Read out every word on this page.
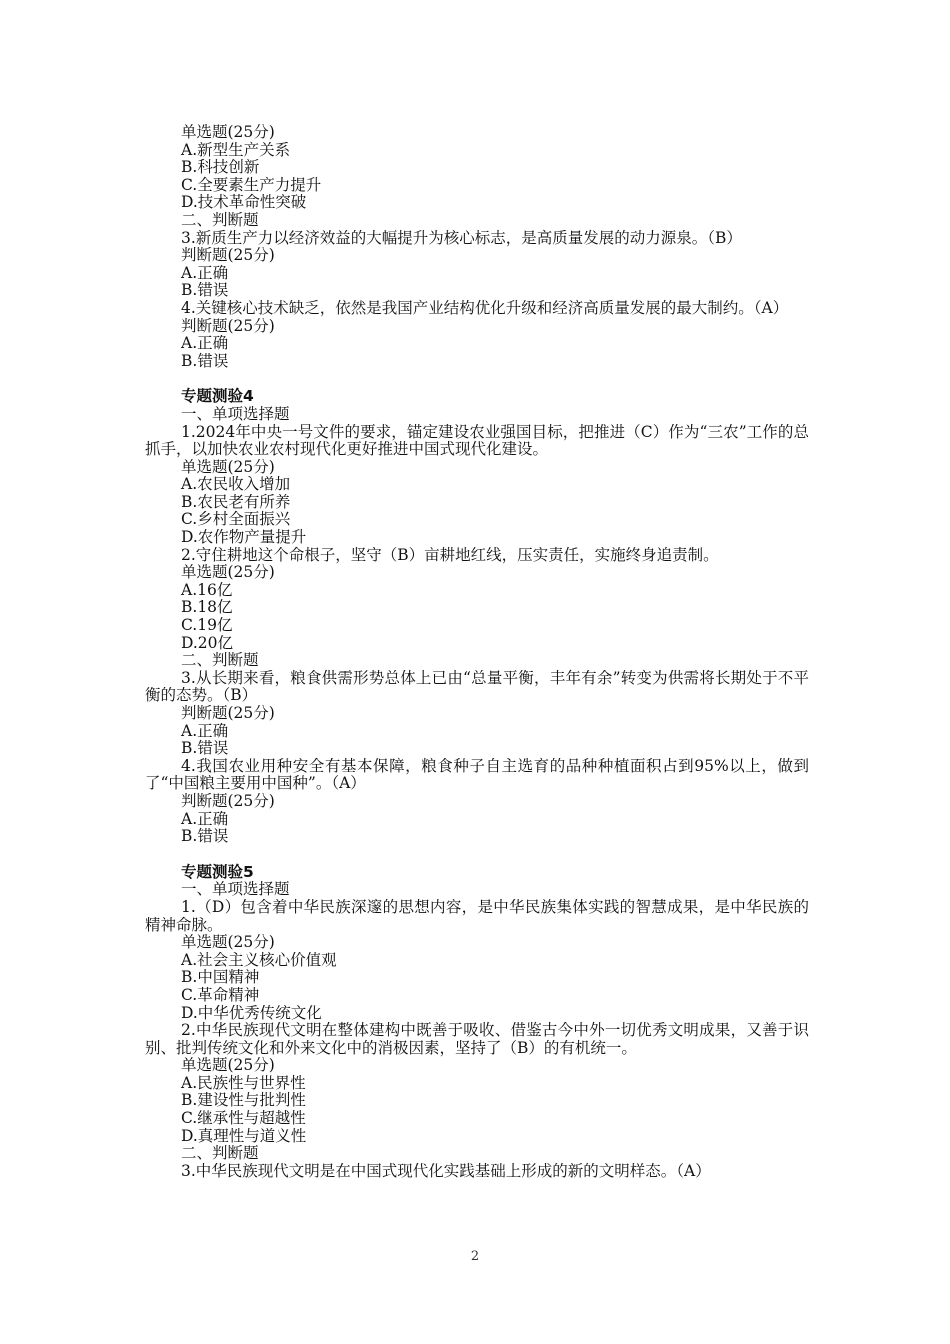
单选题(25分)
A.新型生产关系
B.科技创新
C.全要素生产力提升
D.技术革命性突破
二、判断题
3.新质生产力以经济效益的大幅提升为核心标志，是高质量发展的动力源泉。（B）
判断题(25分)
A.正确
B.错误
4.关键核心技术缺乏，依然是我国产业结构优化升级和经济高质量发展的最大制约。（A）
判断题(25分)
A.正确
B.错误
专题测验4
一、单项选择题
1.2024年中央一号文件的要求，锚定建设农业强国目标，把推进（C）作为“三农”工作的总抓手，以加快农业农村现代化更好推进中国式现代化建设。
单选题(25分)
A.农民收入增加
B.农民老有所养
C.乡村全面振兴
D.农作物产量提升
2.守住耕地这个命根子，坚守（B）亩耕地红线，压实责任，实施终身追责制。
单选题(25分)
A.16亿
B.18亿
C.19亿
D.20亿
二、判断题
3.从长期来看，粮食供需形势总体上已由“总量平衡，丰年有余”转变为供需将长期处于不平衡的态势。（B）
判断题(25分)
A.正确
B.错误
4.我国农业用种安全有基本保障，粮食种子自主选育的品种种植面积占到95%以上，做到了“中国粮主要用中国种”。（A）
判断题(25分)
A.正确
B.错误
专题测验5
一、单项选择题
1.（D）包含着中华民族深邃的思想内容，是中华民族集体实践的智慧成果，是中华民族的精神命脉。
单选题(25分)
A.社会主义核心价值观
B.中国精神
C.革命精神
D.中华优秀传统文化
2.中华民族现代文明在整体建构中既善于吸收、借鉴古今中外一切优秀文明成果，又善于识别、批判传统文化和外来文化中的消极因素，坚持了（B）的有机统一。
单选题(25分)
A.民族性与世界性
B.建设性与批判性
C.继承性与超越性
D.真理性与道义性
二、判断题
3.中华民族现代文明是在中国式现代化实践基础上形成的新的文明样态。（A）
2
